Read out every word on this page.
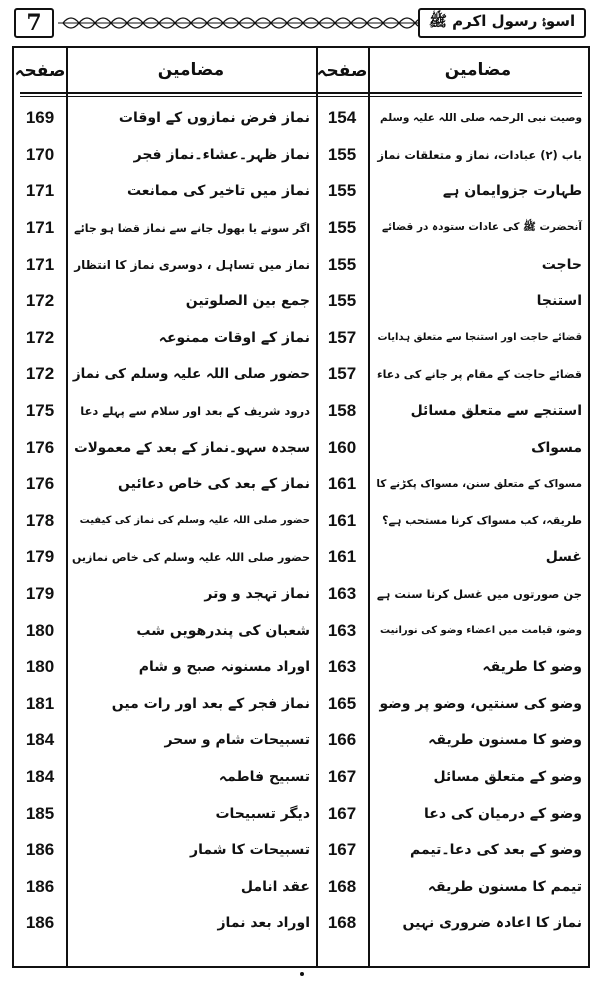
7	اسوۂ رسول اکرم ﷺ
صفحہ	مضامین	صفحہ	مضامین
169	نماز فرض نمازوں کے اوقات	154	وصیت نبی الرحمہ صلی اللہ علیہ وسلم
170	نماز ظہر۔عشاء۔نماز فجر	155	باب (۲) عبادات، نماز و متعلقات نماز
171	نماز میں تاخیر کی ممانعت	155	طہارت جزوایمان ہے
171	اگر سونے یا بھول جانے سے نماز قضا ہو جائے	155	آنحضرت ﷺ کی عادات ستودہ در قضائے
171	نماز میں تساہل ، دوسری نماز کا انتظار	155	حاجت
172	جمع بین الصلوتین	155	استنجا
172	نماز کے اوقات ممنوعہ	157	قضائے حاجت اور استنجا سے متعلق ہدایات
172	حضور صلی اللہ علیہ وسلم کی نماز	157	قضائے حاجت کے مقام پر جانے کی دعاء
175	درود شریف کے بعد اور سلام سے پہلے دعا	158	استنجے سے متعلق مسائل
176	سجدہ سہو۔نماز کے بعد کے معمولات	160	مسواک
176	نماز کے بعد کی خاص دعائیں	161	مسواک کے متعلق سنن، مسواک پکڑنے کا
178	حضور صلی اللہ علیہ وسلم کی نماز کی کیفیت	161	طریقہ، کب مسواک کرنا مستحب ہے؟
179	حضور صلی اللہ علیہ وسلم کی خاص نمازیں	161	غسل
179	نماز تہجد و وتر	163	جن صورتوں میں غسل کرنا سنت ہے
180	شعبان کی پندرھویں شب	163	وضو، قیامت میں اعضاء وضو کی نورانیت
180	اوراد مسنونہ صبح و شام	163	وضو کا طریقہ
181	نماز فجر کے بعد اور رات میں	165	وضو کی سنتیں، وضو پر وضو
184	تسبیحات شام و سحر	166	وضو کا مسنون طریقہ
184	تسبیح فاطمہ	167	وضو کے متعلق مسائل
185	دیگر تسبیحات	167	وضو کے درمیان کی دعا
186	تسبیحات کا شمار	167	وضو کے بعد کی دعا۔تیمم
186	عقد انامل	168	تیمم کا مسنون طریقہ
186	اوراد بعد نماز	168	نماز کا اعادہ ضروری نہیں
